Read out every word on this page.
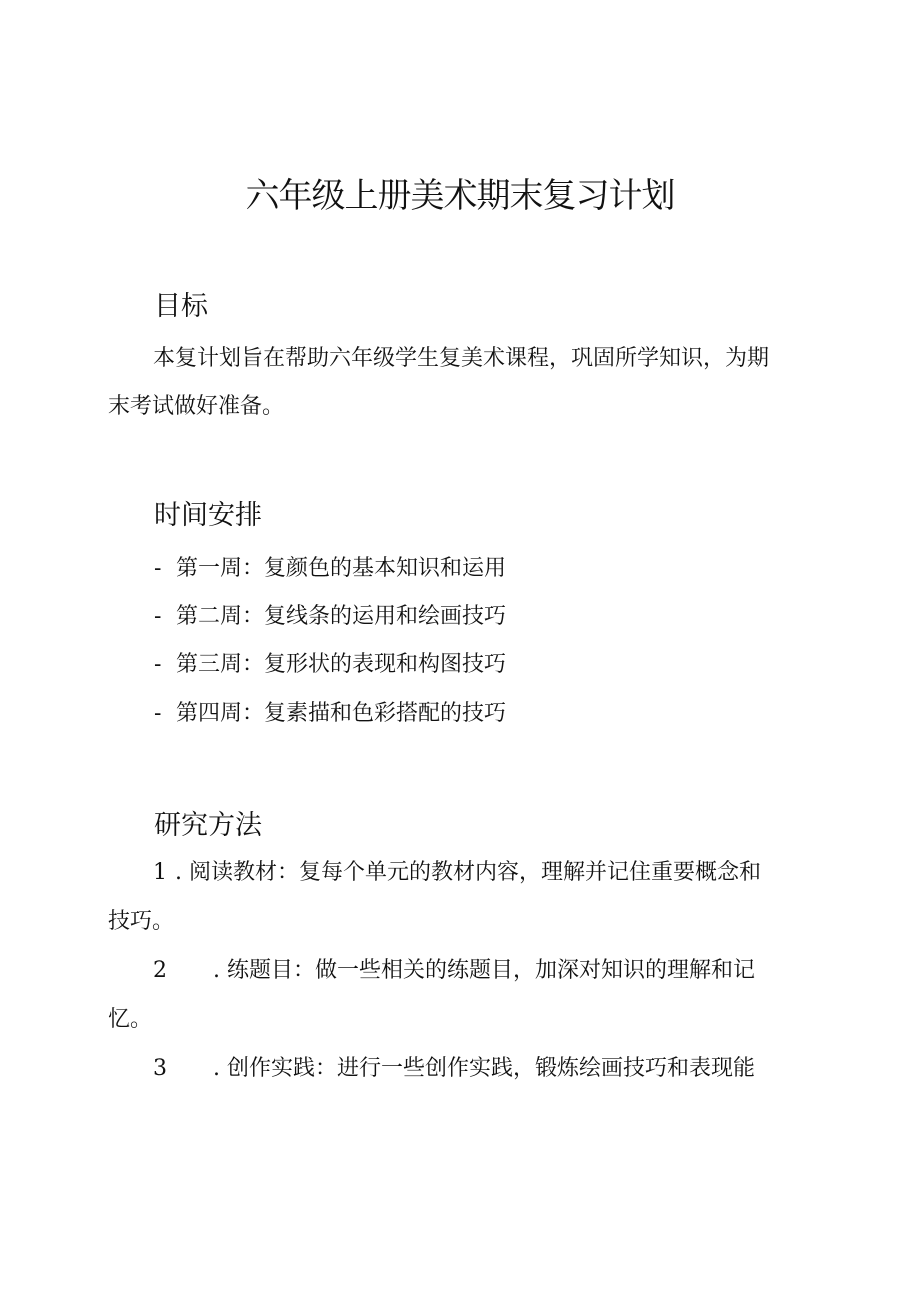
六年级上册美术期末复习计划
目标
本复计划旨在帮助六年级学生复美术课程，巩固所学知识，为期
末考试做好准备。
时间安排
- 第一周：复颜色的基本知识和运用
- 第二周：复线条的运用和绘画技巧
- 第三周：复形状的表现和构图技巧
- 第四周：复素描和色彩搭配的技巧
研究方法
1 . 阅读教材：复每个单元的教材内容，理解并记住重要概念和
技巧。
2 . 练题目：做一些相关的练题目，加深对知识的理解和记
忆。
3 . 创作实践：进行一些创作实践，锻炼绘画技巧和表现能
